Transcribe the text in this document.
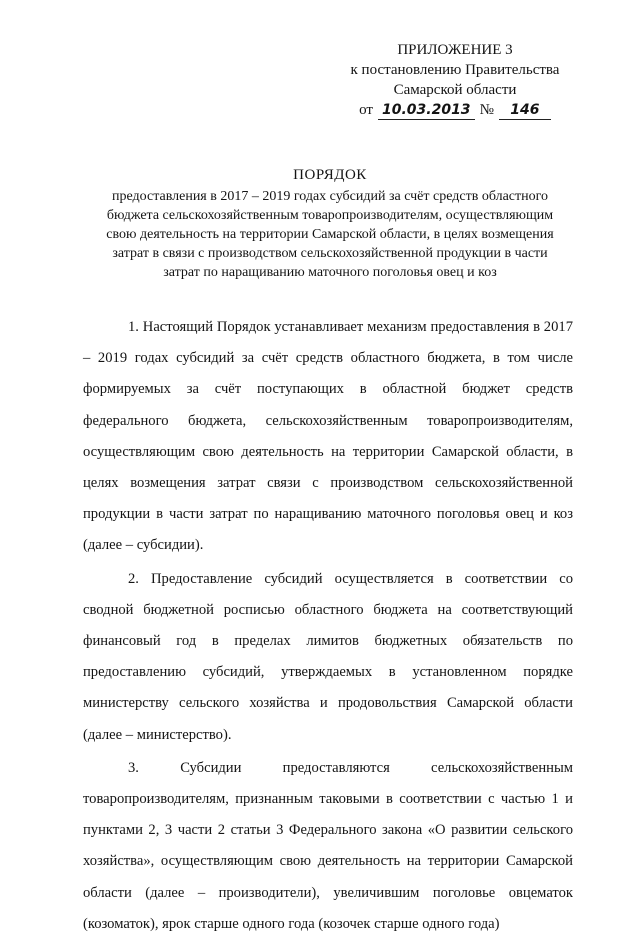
ПРИЛОЖЕНИЕ 3
к постановлению Правительства
Самарской области
от 10.03.2013 №	146
ПОРЯДОК
предоставления в 2017 – 2019 годах субсидий за счёт средств областного
бюджета сельскохозяйственным товаропроизводителям, осуществляющим
свою деятельность на территории Самарской области, в целях возмещения
затрат в связи с производством сельскохозяйственной продукции в части
затрат по наращиванию маточного поголовья овец и коз

1. Настоящий Порядок устанавливает механизм предоставления в 2017 – 2019 годах субсидий за счёт средств областного бюджета, в том числе формируемых за счёт поступающих в областной бюджет средств федерального бюджета, сельскохозяйственным товаропроизводителям, осуществляющим свою деятельность на территории Самарской области, в целях возмещения затрат связи с производством сельскохозяйственной продукции в части затрат по наращиванию маточного поголовья овец и коз (далее – субсидии).

2. Предоставление субсидий осуществляется в соответствии со сводной бюджетной росписью областного бюджета на соответствующий финансовый год в пределах лимитов бюджетных обязательств по предоставлению субсидий, утверждаемых в установленном порядке министерству сельского хозяйства и продовольствия Самарской области (далее – министерство).

3. Субсидии предоставляются сельскохозяйственным товаропроизводителям, признанным таковыми в соответствии с частью 1 и пунктами 2, 3 части 2 статьи 3 Федерального закона «О развитии сельского хозяйства», осуществляющим свою деятельность на территории Самарской области (далее – производители), увеличившим поголовье овцематок (козоматок), ярок старше одного года (козочек старше одного года)
